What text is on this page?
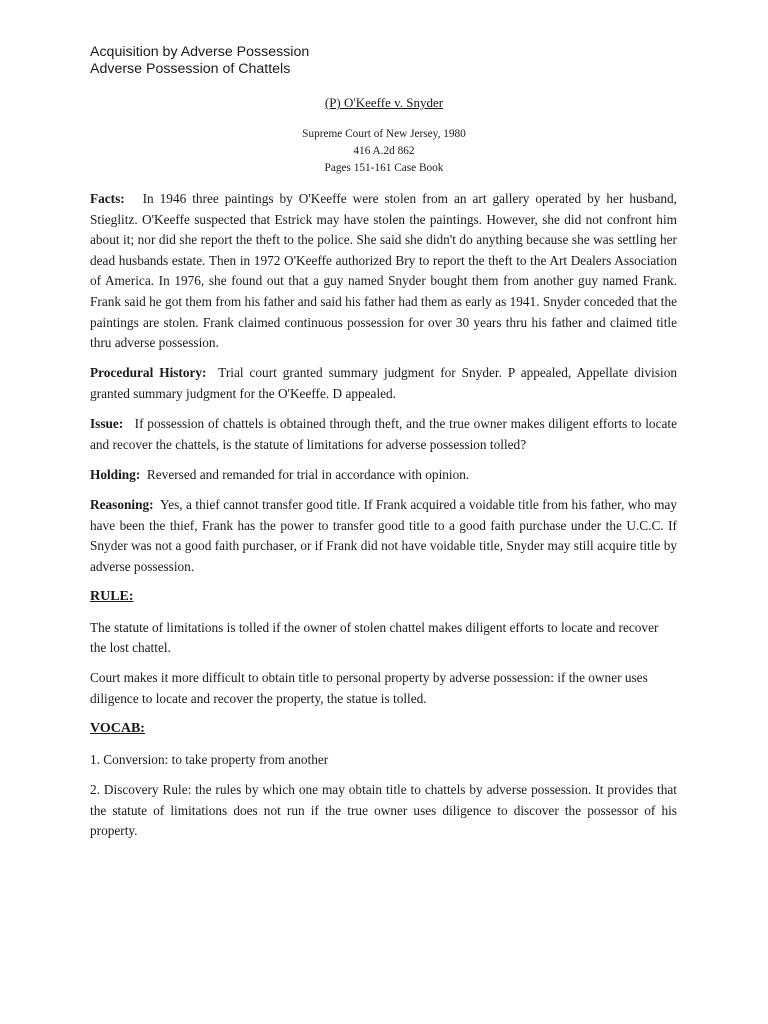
Acquisition by Adverse Possession
Adverse Possession of Chattels
(P) O'Keeffe v. Snyder
Supreme Court of New Jersey, 1980
416 A.2d 862
Pages 151-161 Case Book

Facts: In 1946 three paintings by O'Keeffe were stolen from an art gallery operated by her husband, Stieglitz. O'Keeffe suspected that Estrick may have stolen the paintings. However, she did not confront him about it; nor did she report the theft to the police. She said she didn't do anything because she was settling her dead husbands estate. Then in 1972 O'Keeffe authorized Bry to report the theft to the Art Dealers Association of America. In 1976, she found out that a guy named Snyder bought them from another guy named Frank. Frank said he got them from his father and said his father had them as early as 1941. Snyder conceded that the paintings are stolen. Frank claimed continuous possession for over 30 years thru his father and claimed title thru adverse possession.

Procedural History: Trial court granted summary judgment for Snyder. P appealed, Appellate division granted summary judgment for the O'Keeffe. D appealed.

Issue: If possession of chattels is obtained through theft, and the true owner makes diligent efforts to locate and recover the chattels, is the statute of limitations for adverse possession tolled?

Holding: Reversed and remanded for trial in accordance with opinion.

Reasoning: Yes, a thief cannot transfer good title. If Frank acquired a voidable title from his father, who may have been the thief, Frank has the power to transfer good title to a good faith purchase under the U.C.C. If Snyder was not a good faith purchaser, or if Frank did not have voidable title, Snyder may still acquire title by adverse possession.

RULE:

The statute of limitations is tolled if the owner of stolen chattel makes diligent efforts to locate and recover the lost chattel.

Court makes it more difficult to obtain title to personal property by adverse possession: if the owner uses diligence to locate and recover the property, the statue is tolled.

VOCAB:

1. Conversion: to take property from another

2. Discovery Rule: the rules by which one may obtain title to chattels by adverse possession. It provides that the statute of limitations does not run if the true owner uses diligence to discover the possessor of his property.
